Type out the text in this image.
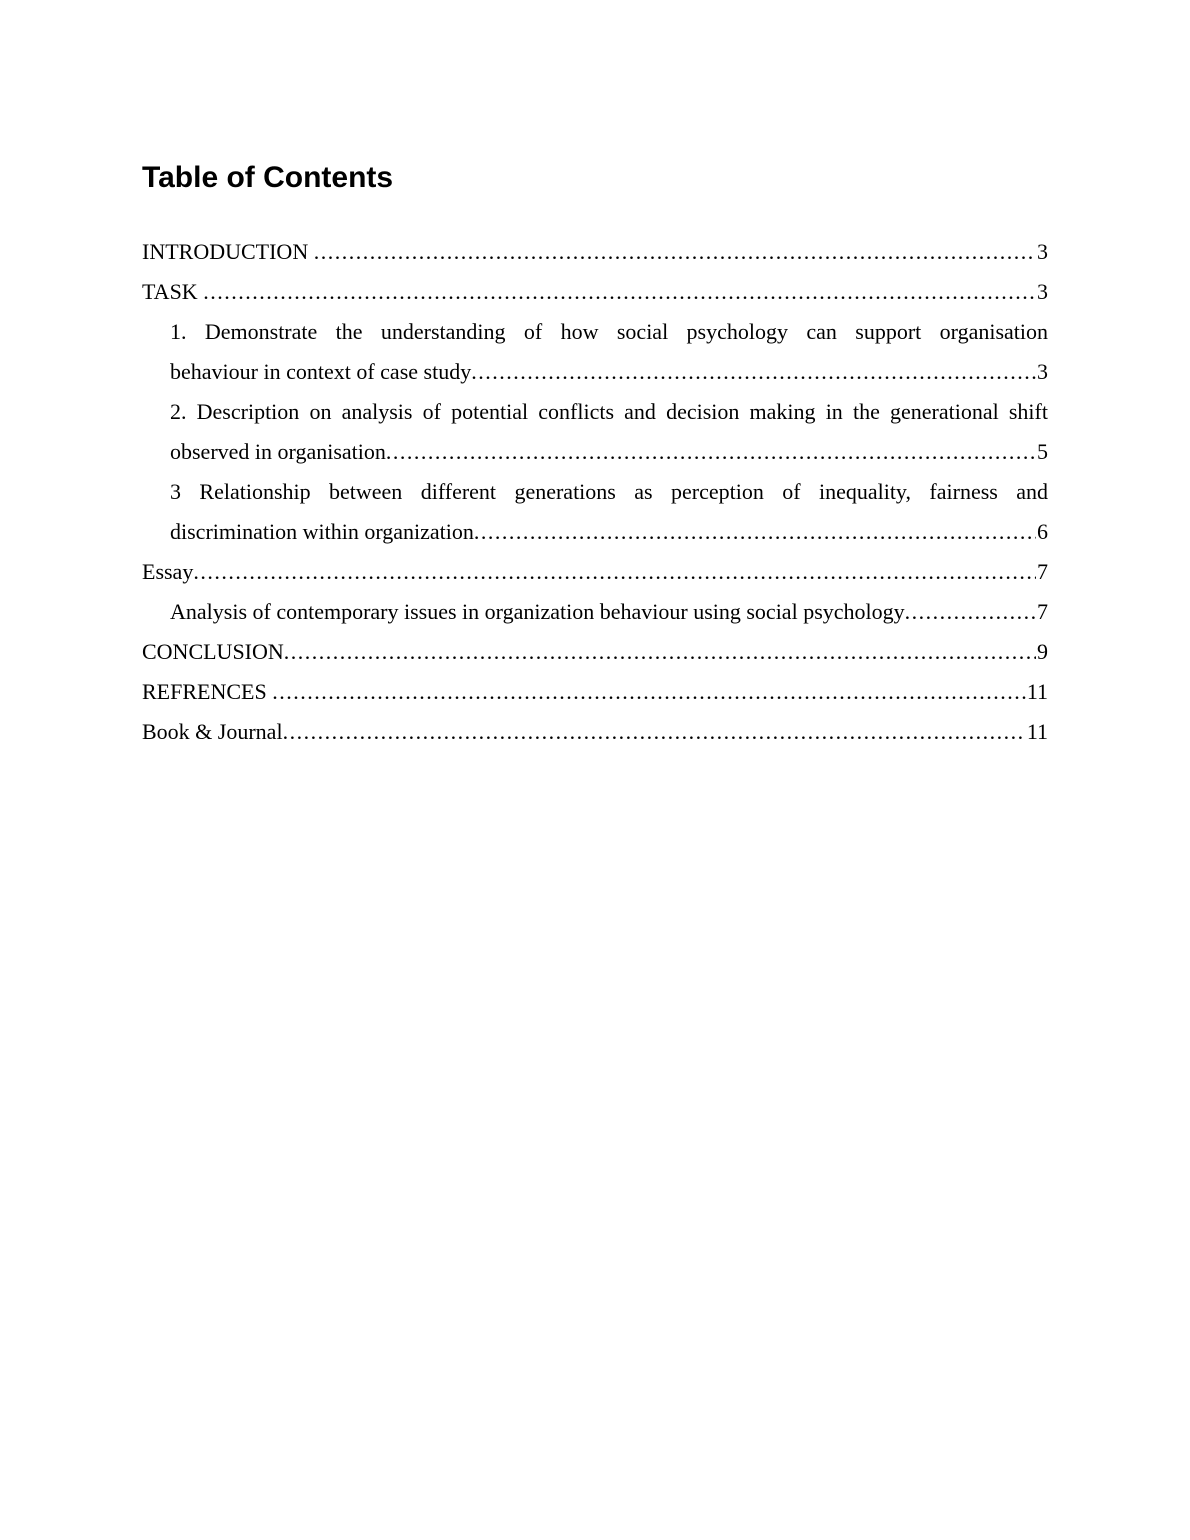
Table of Contents
INTRODUCTION .....	3
TASK .....	3
1. Demonstrate the understanding of how social psychology can support organisation
behaviour in context of case study .....	3
2. Description on analysis of potential conflicts and decision making in the generational shift
observed in organisation .....	5
3 Relationship between different generations as perception of inequality, fairness and
discrimination within organization .....	6
Essay .....	7
Analysis of contemporary issues in organization behaviour using social psychology .....	7
CONCLUSION .....	9
REFRENCES .....	11
Book & Journal .....	11
